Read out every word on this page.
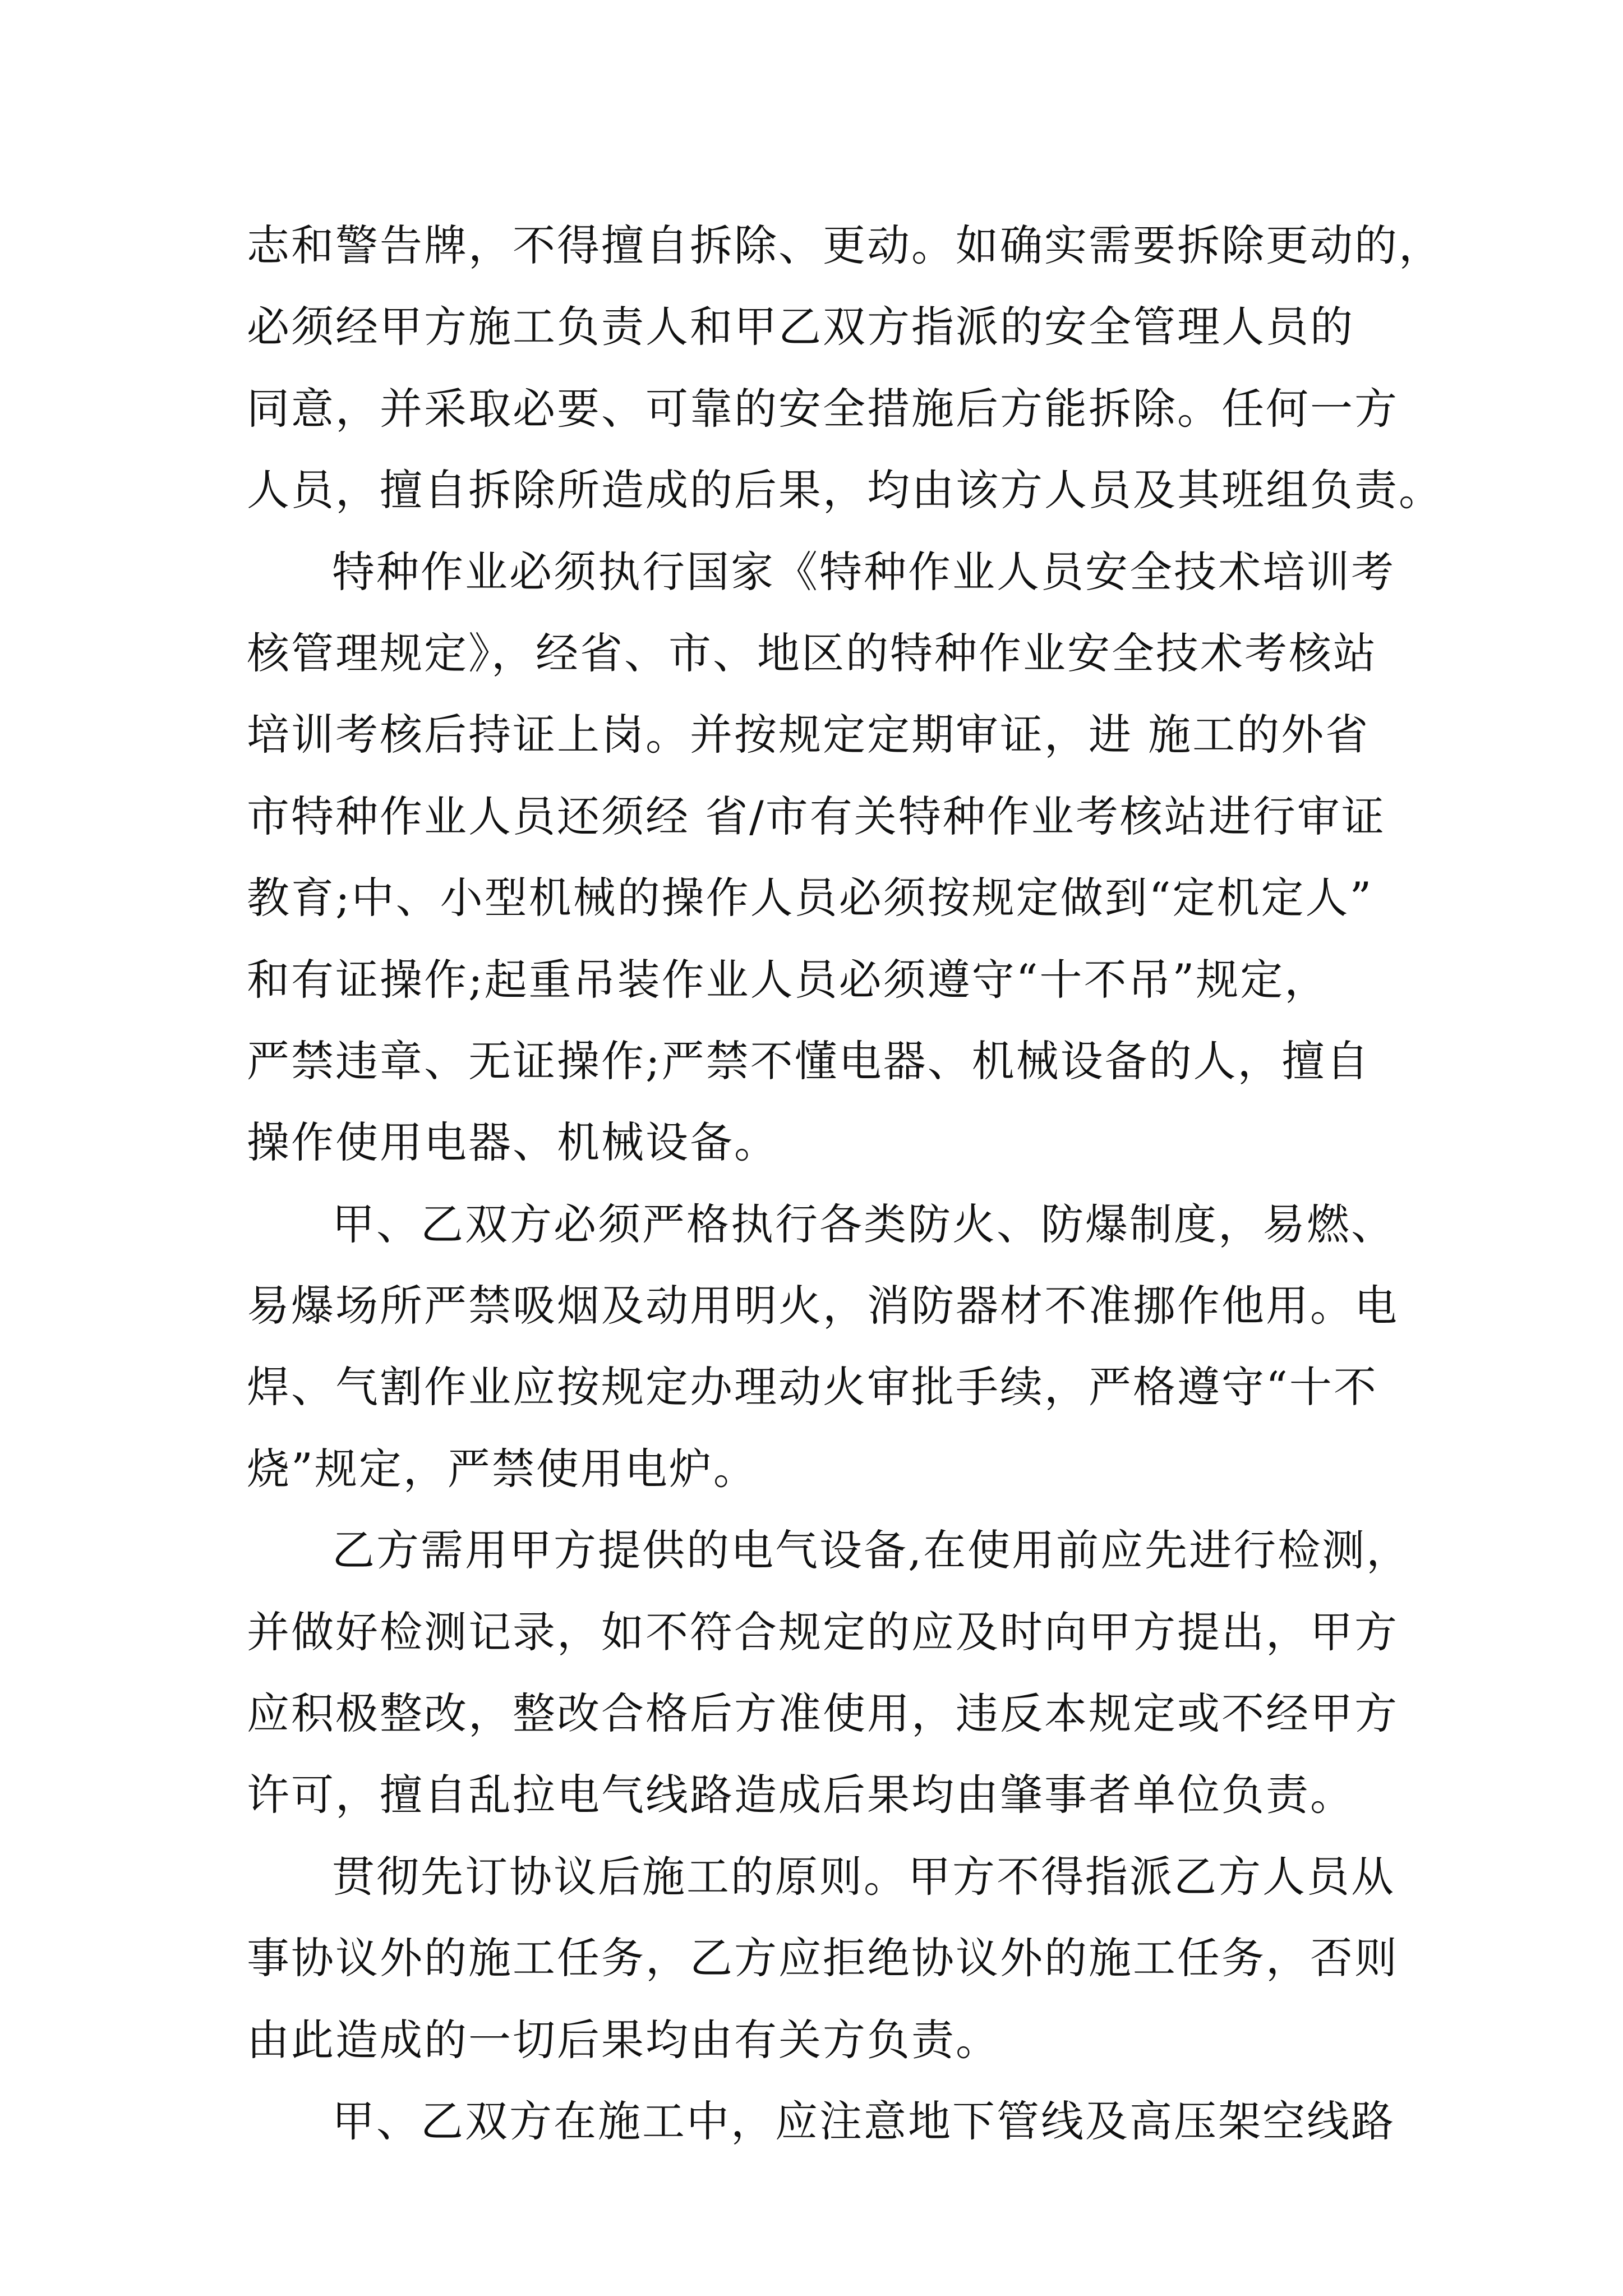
志和警告牌，不得擅自拆除、更动。如确实需要拆除更动的，
必须经甲方施工负责人和甲乙双方指派的安全管理人员的
同意，并采取必要、可靠的安全措施后方能拆除。任何一方
人员，擅自拆除所造成的后果，均由该方人员及其班组负责。
特种作业必须执行国家《特种作业人员安全技术培训考
核管理规定》，经省、市、地区的特种作业安全技术考核站
培训考核后持证上岗。并按规定定期审证，进 施工的外省
市特种作业人员还须经 省/市有关特种作业考核站进行审证
教育;中、小型机械的操作人员必须按规定做到“定机定人”
和有证操作;起重吊装作业人员必须遵守“十不吊”规定，
严禁违章、无证操作;严禁不懂电器、机械设备的人，擅自
操作使用电器、机械设备。
甲、乙双方必须严格执行各类防火、防爆制度，易燃、
易爆场所严禁吸烟及动用明火，消防器材不准挪作他用。电
焊、气割作业应按规定办理动火审批手续，严格遵守“十不
烧”规定，严禁使用电炉。
乙方需用甲方提供的电气设备,在使用前应先进行检测，
并做好检测记录，如不符合规定的应及时向甲方提出，甲方
应积极整改，整改合格后方准使用，违反本规定或不经甲方
许可，擅自乱拉电气线路造成后果均由肇事者单位负责。
贯彻先订协议后施工的原则。甲方不得指派乙方人员从
事协议外的施工任务，乙方应拒绝协议外的施工任务，否则
由此造成的一切后果均由有关方负责。
甲、乙双方在施工中，应注意地下管线及高压架空线路
